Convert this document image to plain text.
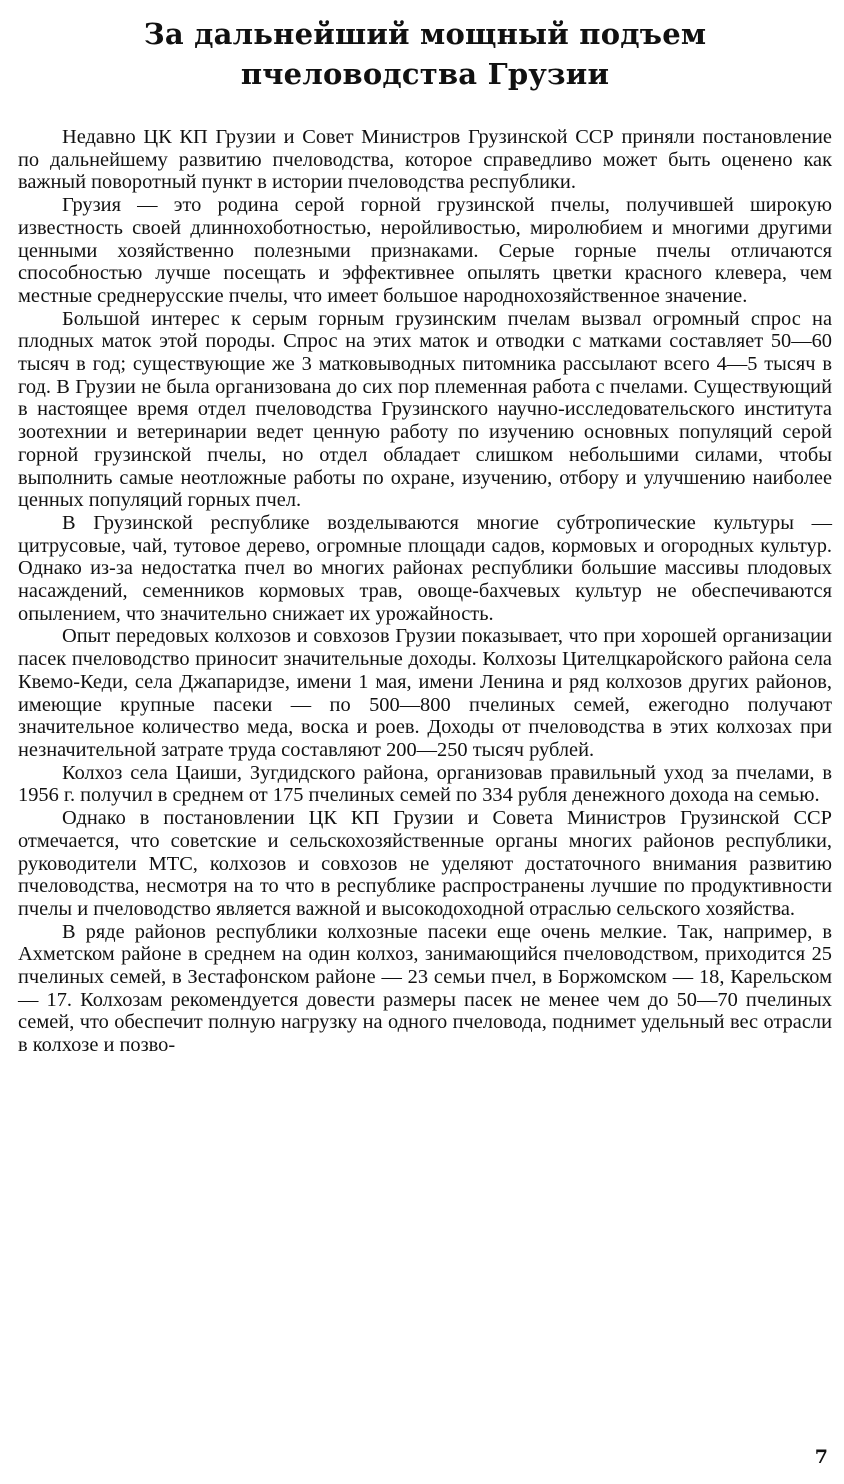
За дальнейший мощный подъем
пчеловодства Грузии

Недавно ЦК КП Грузии и Совет Министров Грузинской ССР приняли постановление по дальнейшему развитию пчеловодства, которое справедливо может быть оценено как важный поворотный пункт в истории пчеловодства республики.

Грузия — это родина серой горной грузинской пчелы, получившей широкую известность своей длиннохоботностью, неройливостью, миролюбием и многими другими ценными хозяйственно полезными признаками. Серые горные пчелы отличаются способностью лучше посещать и эффективнее опылять цветки красного клевера, чем местные среднерусские пчелы, что имеет большое народнохозяйственное значение.

Большой интерес к серым горным грузинским пчелам вызвал огромный спрос на плодных маток этой породы. Спрос на этих маток и отводки с матками составляет 50—60 тысяч в год; существующие же 3 матковыводных питомника рассылают всего 4—5 тысяч в год. В Грузии не была организована до сих пор племенная работа с пчелами. Существующий в настоящее время отдел пчеловодства Грузинского научно-исследовательского института зоотехнии и ветеринарии ведет ценную работу по изучению основных популяций серой горной грузинской пчелы, но отдел обладает слишком небольшими силами, чтобы выполнить самые неотложные работы по охране, изучению, отбору и улучшению наиболее ценных популяций горных пчел.

В Грузинской республике возделываются многие субтропические культуры — цитрусовые, чай, тутовое дерево, огромные площади садов, кормовых и огородных культур. Однако из-за недостатка пчел во многих районах республики большие массивы плодовых насаждений, семенников кормовых трав, овоще-бахчевых культур не обеспечиваются опылением, что значительно снижает их урожайность.

Опыт передовых колхозов и совхозов Грузии показывает, что при хорошей организации пасек пчеловодство приносит значительные доходы. Колхозы Цителцкаройского района села Квемо-Кеди, села Джапаридзе, имени 1 мая, имени Ленина и ряд колхозов других районов, имеющие крупные пасеки — по 500—800 пчелиных семей, ежегодно получают значительное количество меда, воска и роев. Доходы от пчеловодства в этих колхозах при незначительной затрате труда составляют 200—250 тысяч рублей.

Колхоз села Цаиши, Зугдидского района, организовав правильный уход за пчелами, в 1956 г. получил в среднем от 175 пчелиных семей по 334 рубля денежного дохода на семью.

Однако в постановлении ЦК КП Грузии и Совета Министров Грузинской ССР отмечается, что советские и сельскохозяйственные органы многих районов республики, руководители МТС, колхозов и совхозов не уделяют достаточного внимания развитию пчеловодства, несмотря на то что в республике распространены лучшие по продуктивности пчелы и пчеловодство является важной и высокодоходной отраслью сельского хозяйства.

В ряде районов республики колхозные пасеки еще очень мелкие. Так, например, в Ахметском районе в среднем на один колхоз, занимающийся пчеловодством, приходится 25 пчелиных семей, в Зестафонском районе — 23 семьи пчел, в Боржомском — 18, Карельском — 17. Колхозам рекомендуется довести размеры пасек не менее чем до 50—70 пчелиных семей, что обеспечит полную нагрузку на одного пчеловода, поднимет удельный вес отрасли в колхозе и позво-

7
